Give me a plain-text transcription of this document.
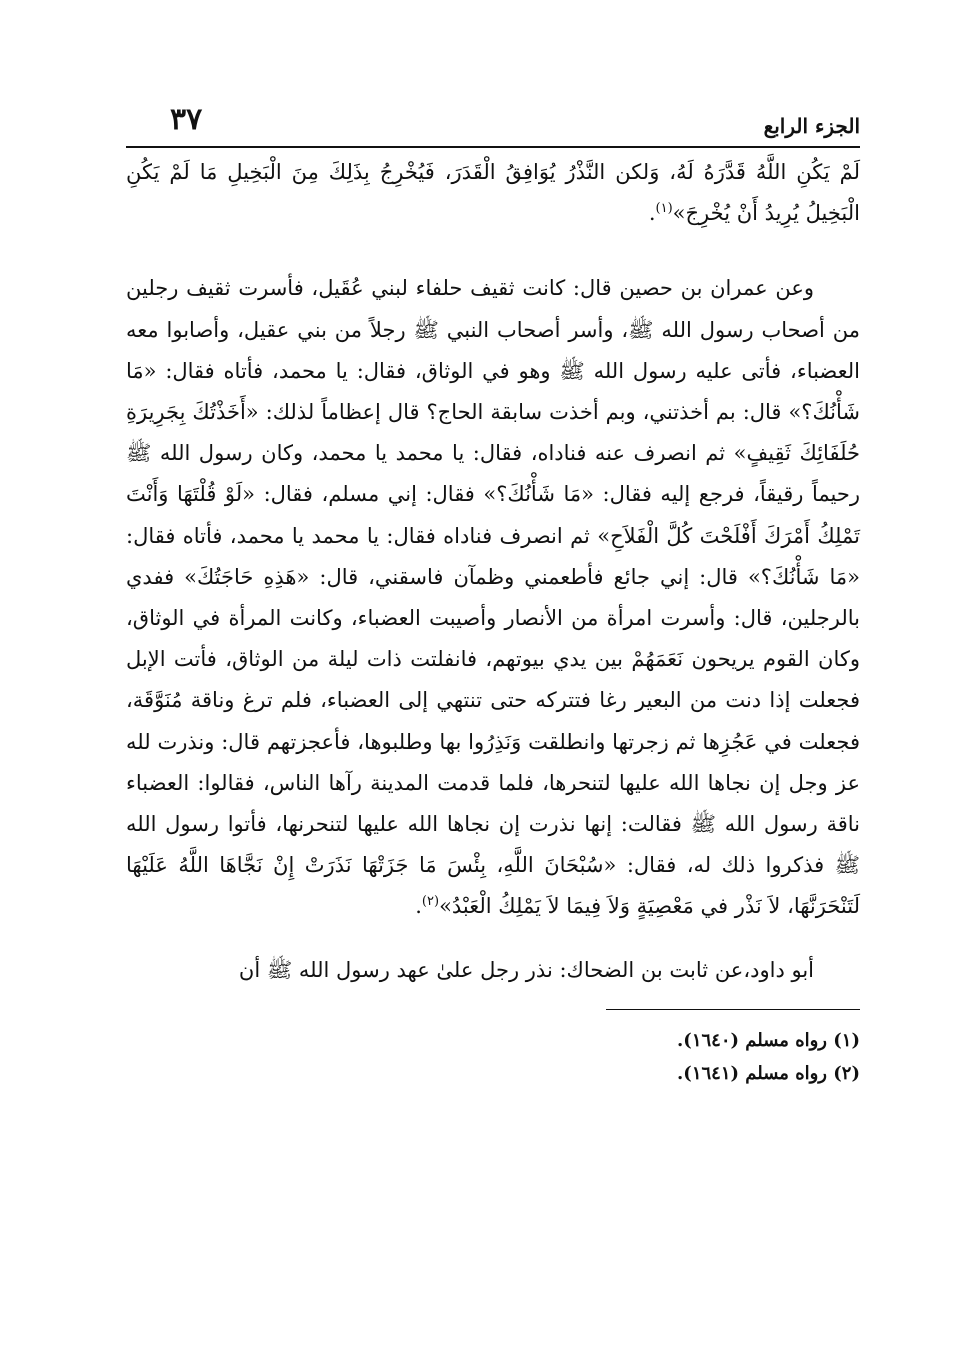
الجزء الرابع
٣٧

لَمْ يَكُنِ اللَّهُ قَدَّرَهُ لَهُ، وَلكن النَّذْرُ يُوَافِقُ الْقَدَرَ، فَيُخْرِجُ بِذَلِكَ مِنَ الْبَخِيلِ مَا لَمْ يَكُنِ الْبَخِيلُ يُرِيدُ أَنْ يُخْرِجَ»$^{(١)}$.

وعن عمران بن حصين قال: كانت ثقيف حلفاء لبني عُقَيل، فأسرت ثقيف رجلين من أصحاب رسول الله ﷺ، وأسر أصحاب النبي ﷺ رجلاً من بني عقيل، وأصابوا معه العضباء، فأتى عليه رسول الله ﷺ وهو في الوثاق، فقال: يا محمد، فأتاه فقال: «مَا شَأْنُكَ؟» قال: بم أخذتني، وبم أخذت سابقة الحاج؟ قال إعظاماً لذلك: «أَخَذْتُكَ بِجَرِيرَةِ حُلَفَائِكَ ثَقِيفٍ» ثم انصرف عنه فناداه، فقال: يا محمد يا محمد، وكان رسول الله ﷺ رحيماً رقيقاً، فرجع إليه فقال: «مَا شَأْنُكَ؟» فقال: إني مسلم، فقال: «لَوْ قُلْتَهَا وَأَنْتَ تَمْلِكُ أَمْرَكَ أَفْلَحْتَ كُلَّ الْفَلاَحِ» ثم انصرف فناداه فقال: يا محمد يا محمد، فأتاه فقال: «مَا شَأْنُكَ؟» قال: إني جائع فأطعمني وظمآن فاسقني، قال: «هَذِهِ حَاجَتُكَ» ففدي بالرجلين، قال: وأسرت امرأة من الأنصار وأصيبت العضباء، وكانت المرأة في الوثاق، وكان القوم يريحون نَعَمَهُمْ بين يدي بيوتهم، فانفلتت ذات ليلة من الوثاق، فأتت الإبل فجعلت إذا دنت من البعير رغا فتتركه حتى تنتهي إلى العضباء، فلم ترغ وناقة مُنَوَّقَة، فجعلت في عَجُزِها ثم زجرتها وانطلقت وَنَذِرُوا بها وطلبوها، فأعجزتهم قال: ونذرت لله عز وجل إن نجاها الله عليها لتنحرها، فلما قدمت المدينة رآها الناس، فقالوا: العضباء ناقة رسول الله ﷺ فقالت: إنها نذرت إن نجاها الله عليها لتنحرنها، فأتوا رسول الله ﷺ فذكروا ذلك له، فقال: «سُبْحَانَ اللَّهِ، بِئْسَ مَا جَزَتْهَا نَذَرَتْ إِنْ نَجَّاهَا اللَّهُ عَلَيْهَا لَتَنْحَرَنَّهَا، لاَ نَذْر في مَعْصِيَةٍ وَلاَ فِيمَا لاَ يَمْلِكُ الْعَبْدُ»$^{(٢)}$.

أبو داود،عن ثابت بن الضحاك: نذر رجل علىٰ عهد رسول الله ﷺ أن

(١) رواه مسلم (١٦٤٠).
(٢) رواه مسلم (١٦٤١).
